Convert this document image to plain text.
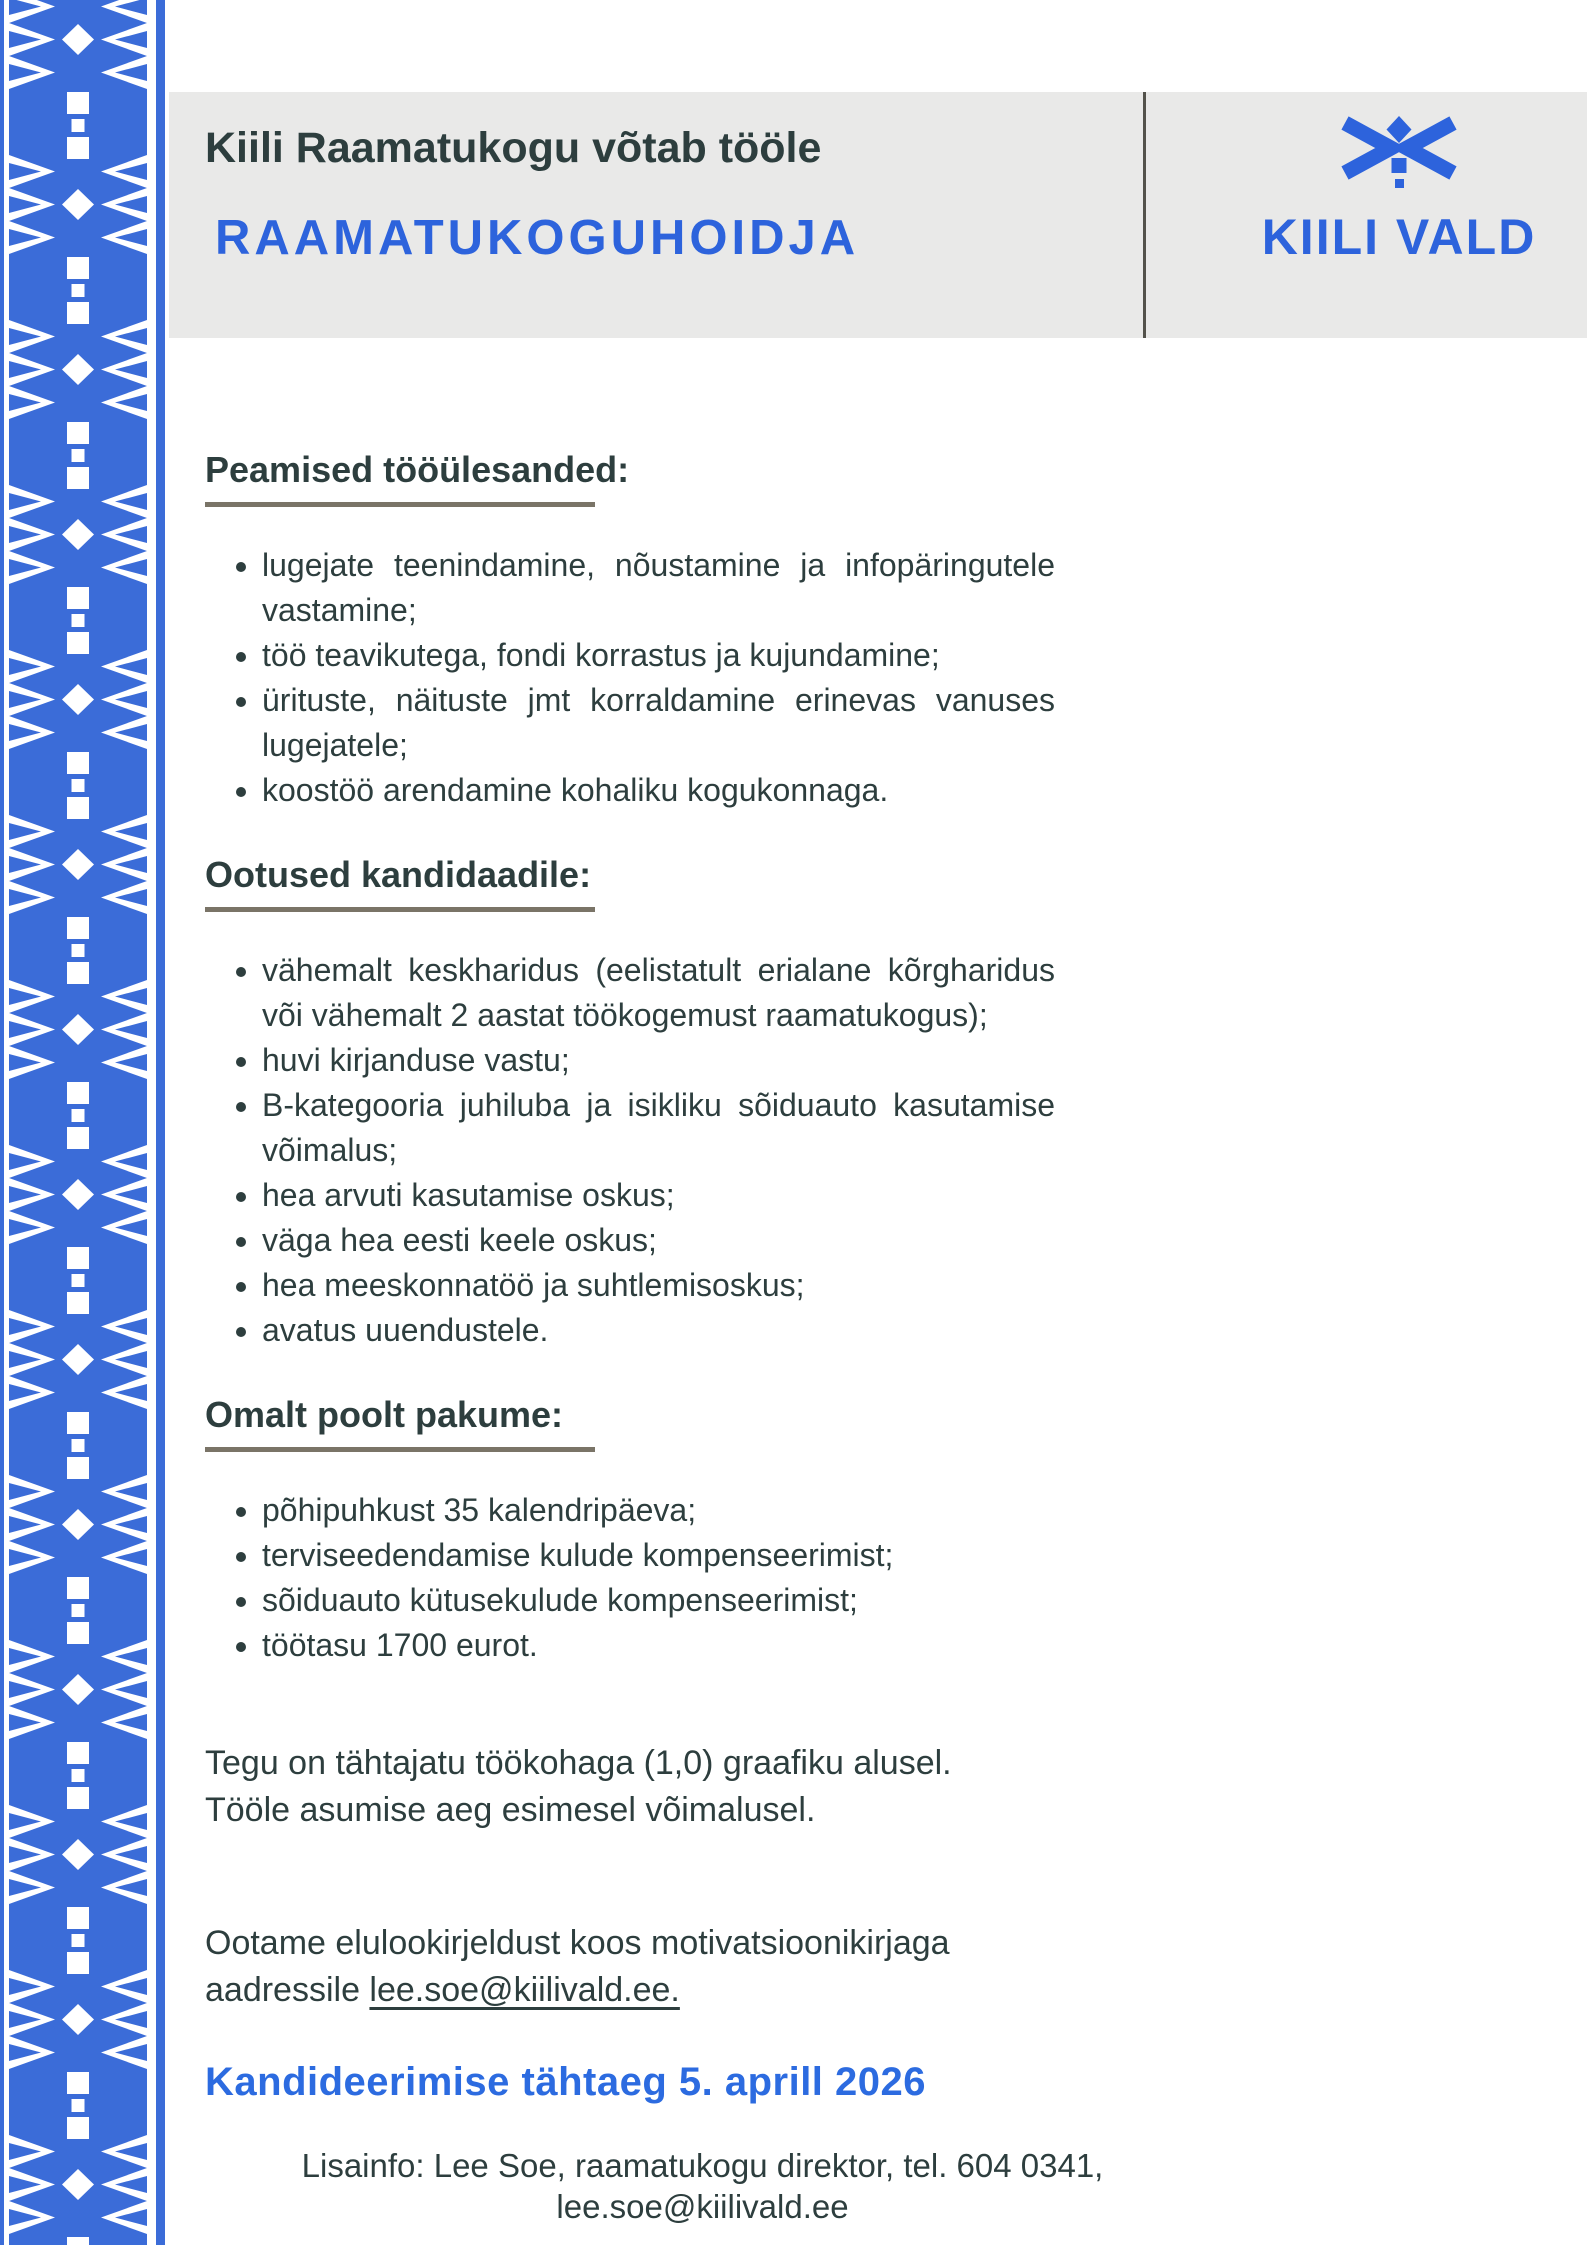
Kiili Raamatukogu võtab tööle
RAAMATUKOGUHOIDJA	KIILI VALD
Peamised tööülesanded:
• lugejate teenindamine, nõustamine ja infopäringutele vastamine;
• töö teavikutega, fondi korrastus ja kujundamine;
• ürituste, näituste jmt korraldamine erinevas vanuses lugejatele;
• koostöö arendamine kohaliku kogukonnaga.
Ootused kandidaadile:
• vähemalt keskharidus (eelistatult erialane kõrgharidus või vähemalt 2 aastat töökogemust raamatukogus);
• huvi kirjanduse vastu;
• B-kategooria juhiluba ja isikliku sõiduauto kasutamise võimalus;
• hea arvuti kasutamise oskus;
• väga hea eesti keele oskus;
• hea meeskonnatöö ja suhtlemisoskus;
• avatus uuendustele.
Omalt poolt pakume:
• põhipuhkust 35 kalendripäeva;
• terviseedendamise kulude kompenseerimist;
• sõiduauto kütusekulude kompenseerimist;
• töötasu 1700 eurot.
Tegu on tähtajatu töökohaga (1,0) graafiku alusel.
Tööle asumise aeg esimesel võimalusel.
Ootame elulookirjeldust koos motivatsioonikirjaga aadressile lee.soe@kiilivald.ee.
Kandideerimise tähtaeg 5. aprill 2026
Lisainfo: Lee Soe, raamatukogu direktor, tel. 604 0341,
lee.soe@kiilivald.ee
